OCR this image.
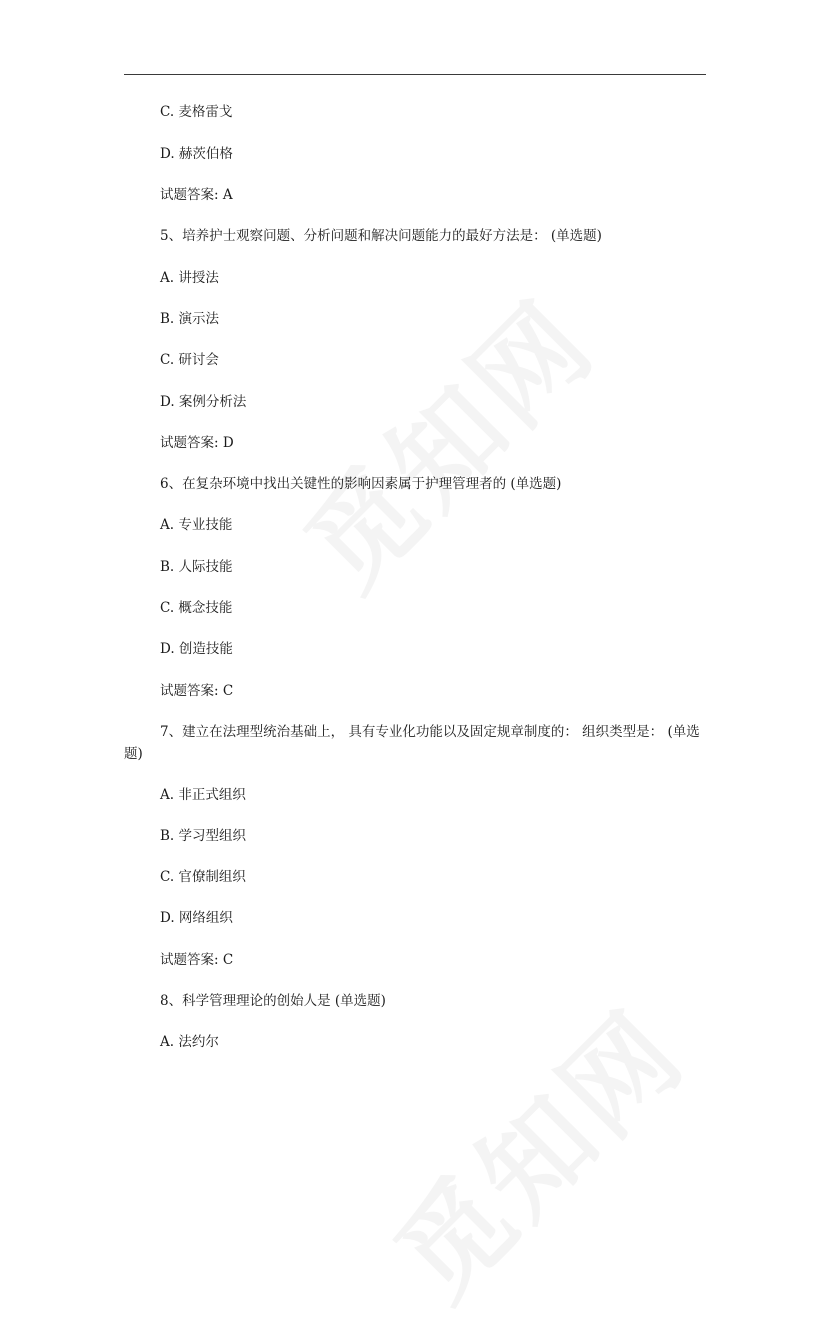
C. 麦格雷戈
D. 赫茨伯格
试题答案: A
5、培养护士观察问题、分析问题和解决问题能力的最好方法是： (单选题)
A. 讲授法
B. 演示法
C. 研讨会
D. 案例分析法
试题答案: D
6、在复杂环境中找出关键性的影响因素属于护理管理者的 (单选题)
A. 专业技能
B. 人际技能
C. 概念技能
D. 创造技能
试题答案: C
7、建立在法理型统治基础上， 具有专业化功能以及固定规章制度的： 组织类型是： (单选题)
A. 非正式组织
B. 学习型组织
C. 官僚制组织
D. 网络组织
试题答案: C
8、科学管理理论的创始人是 (单选题)
A. 法约尔
